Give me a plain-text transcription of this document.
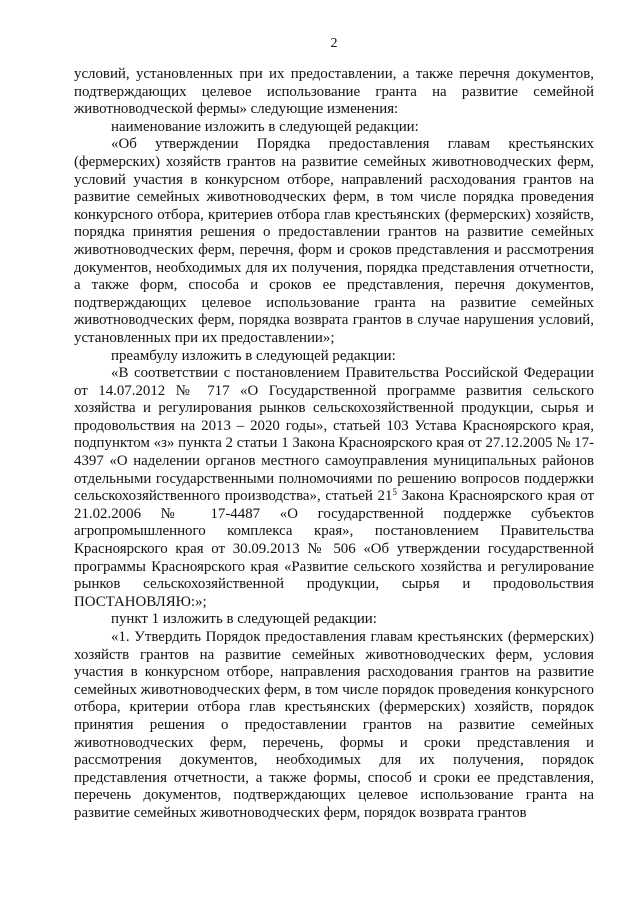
2

условий, установленных при их предоставлении, а также перечня документов, подтверждающих целевое использование гранта на развитие семейной животноводческой фермы» следующие изменения:

наименование изложить в следующей редакции:

«Об утверждении Порядка предоставления главам крестьянских (фермерских) хозяйств грантов на развитие семейных животноводческих ферм, условий участия в конкурсном отборе, направлений расходования грантов на развитие семейных животноводческих ферм, в том числе порядка проведения конкурсного отбора, критериев отбора глав крестьянских (фермерских) хозяйств, порядка принятия решения о предоставлении грантов на развитие семейных животноводческих ферм, перечня, форм и сроков представления и рассмотрения документов, необходимых для их получения, порядка представления отчетности, а также форм, способа и сроков ее представления, перечня документов, подтверждающих целевое использование гранта на развитие семейных животноводческих ферм, порядка возврата грантов в случае нарушения условий, установленных при их предоставлении»;

преамбулу изложить в следующей редакции:

«В соответствии с постановлением Правительства Российской Федерации от 14.07.2012 № 717 «О Государственной программе развития сельского хозяйства и регулирования рынков сельскохозяйственной продукции, сырья и продовольствия на 2013 – 2020 годы», статьей 103 Устава Красноярского края, подпунктом «з» пункта 2 статьи 1 Закона Красноярского края от 27.12.2005 № 17-4397 «О наделении органов местного самоуправления муниципальных районов отдельными государственными полномочиями по решению вопросов поддержки сельскохозяйственного производства», статьей $21^5$ Закона Красноярского края от 21.02.2006 № 17-4487 «О государственной поддержке субъектов агропромышленного комплекса края», постановлением Правительства Красноярского края от 30.09.2013 № 506 «Об утверждении государственной программы Красноярского края «Развитие сельского хозяйства и регулирование рынков сельскохозяйственной продукции, сырья и продовольствия ПОСТАНОВЛЯЮ:»;

пункт 1 изложить в следующей редакции:

«1. Утвердить Порядок предоставления главам крестьянских (фермерских) хозяйств грантов на развитие семейных животноводческих ферм, условия участия в конкурсном отборе, направления расходования грантов на развитие семейных животноводческих ферм, в том числе порядок проведения конкурсного отбора, критерии отбора глав крестьянских (фермерских) хозяйств, порядок принятия решения о предоставлении грантов на развитие семейных животноводческих ферм, перечень, формы и сроки представления и рассмотрения документов, необходимых для их получения, порядок представления отчетности, а также формы, способ и сроки ее представления, перечень документов, подтверждающих целевое использование гранта на развитие семейных животноводческих ферм, порядок возврата грантов
